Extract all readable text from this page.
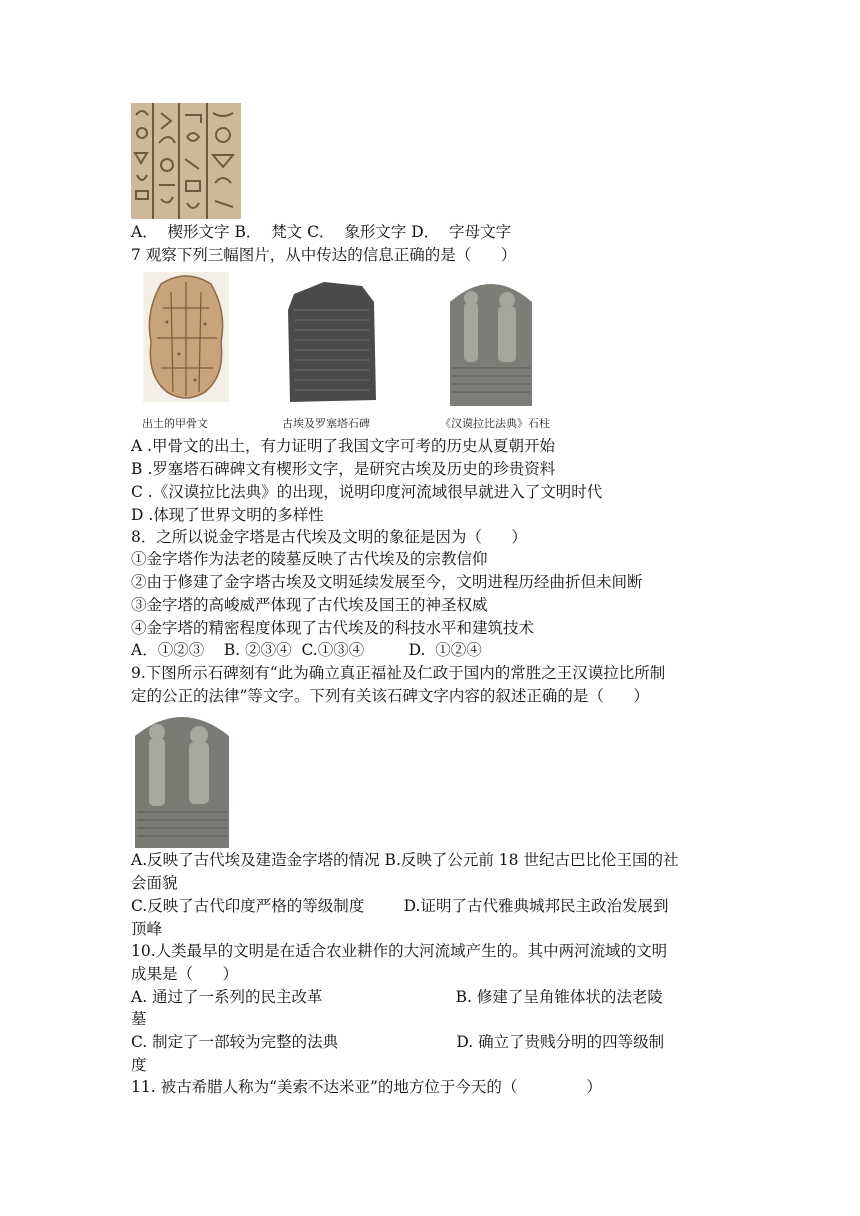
A．  楔形文字 B．  梵文 C．  象形文字 D．  字母文字
7 观察下列三幅图片，从中传达的信息正确的是（      ）
出土的甲骨文	古埃及罗塞塔石碑	《汉谟拉比法典》石柱
A .甲骨文的出土，有力证明了我国文字可考的历史从夏朝开始
B .罗塞塔石碑碑文有楔形文字，是研究古埃及历史的珍贵资料
C .《汉谟拉比法典》的出现，说明印度河流域很早就进入了文明时代
D .体现了世界文明的多样性
8．之所以说金字塔是古代埃及文明的象征是因为（      ）
①金字塔作为法老的陵墓反映了古代埃及的宗教信仰
②由于修建了金字塔古埃及文明延续发展至今，文明进程历经曲折但未间断
③金字塔的高峻威严体现了古代埃及国王的神圣权威
④金字塔的精密程度体现了古代埃及的科技水平和建筑技术
A．①②③    B. ②③④  C.①③④         D.  ①②④
9.下图所示石碑刻有“此为确立真正福祉及仁政于国内的常胜之王汉谟拉比所制
定的公正的法律”等文字。下列有关该石碑文字内容的叙述正确的是（      ）
A.反映了古代埃及建造金字塔的情况 B.反映了公元前 18 世纪古巴比伦王国的社
会面貌
C.反映了古代印度严格的等级制度        D.证明了古代雅典城邦民主政治发展到
顶峰
10.人类最早的文明是在适合农业耕作的大河流域产生的。其中两河流域的文明
成果是（      ）
A. 通过了一系列的民主改革                           B. 修建了呈角锥体状的法老陵
墓
C. 制定了一部较为完整的法典                        D. 确立了贵贱分明的四等级制
度
11. 被古希腊人称为“美索不达米亚”的地方位于今天的（              ）
